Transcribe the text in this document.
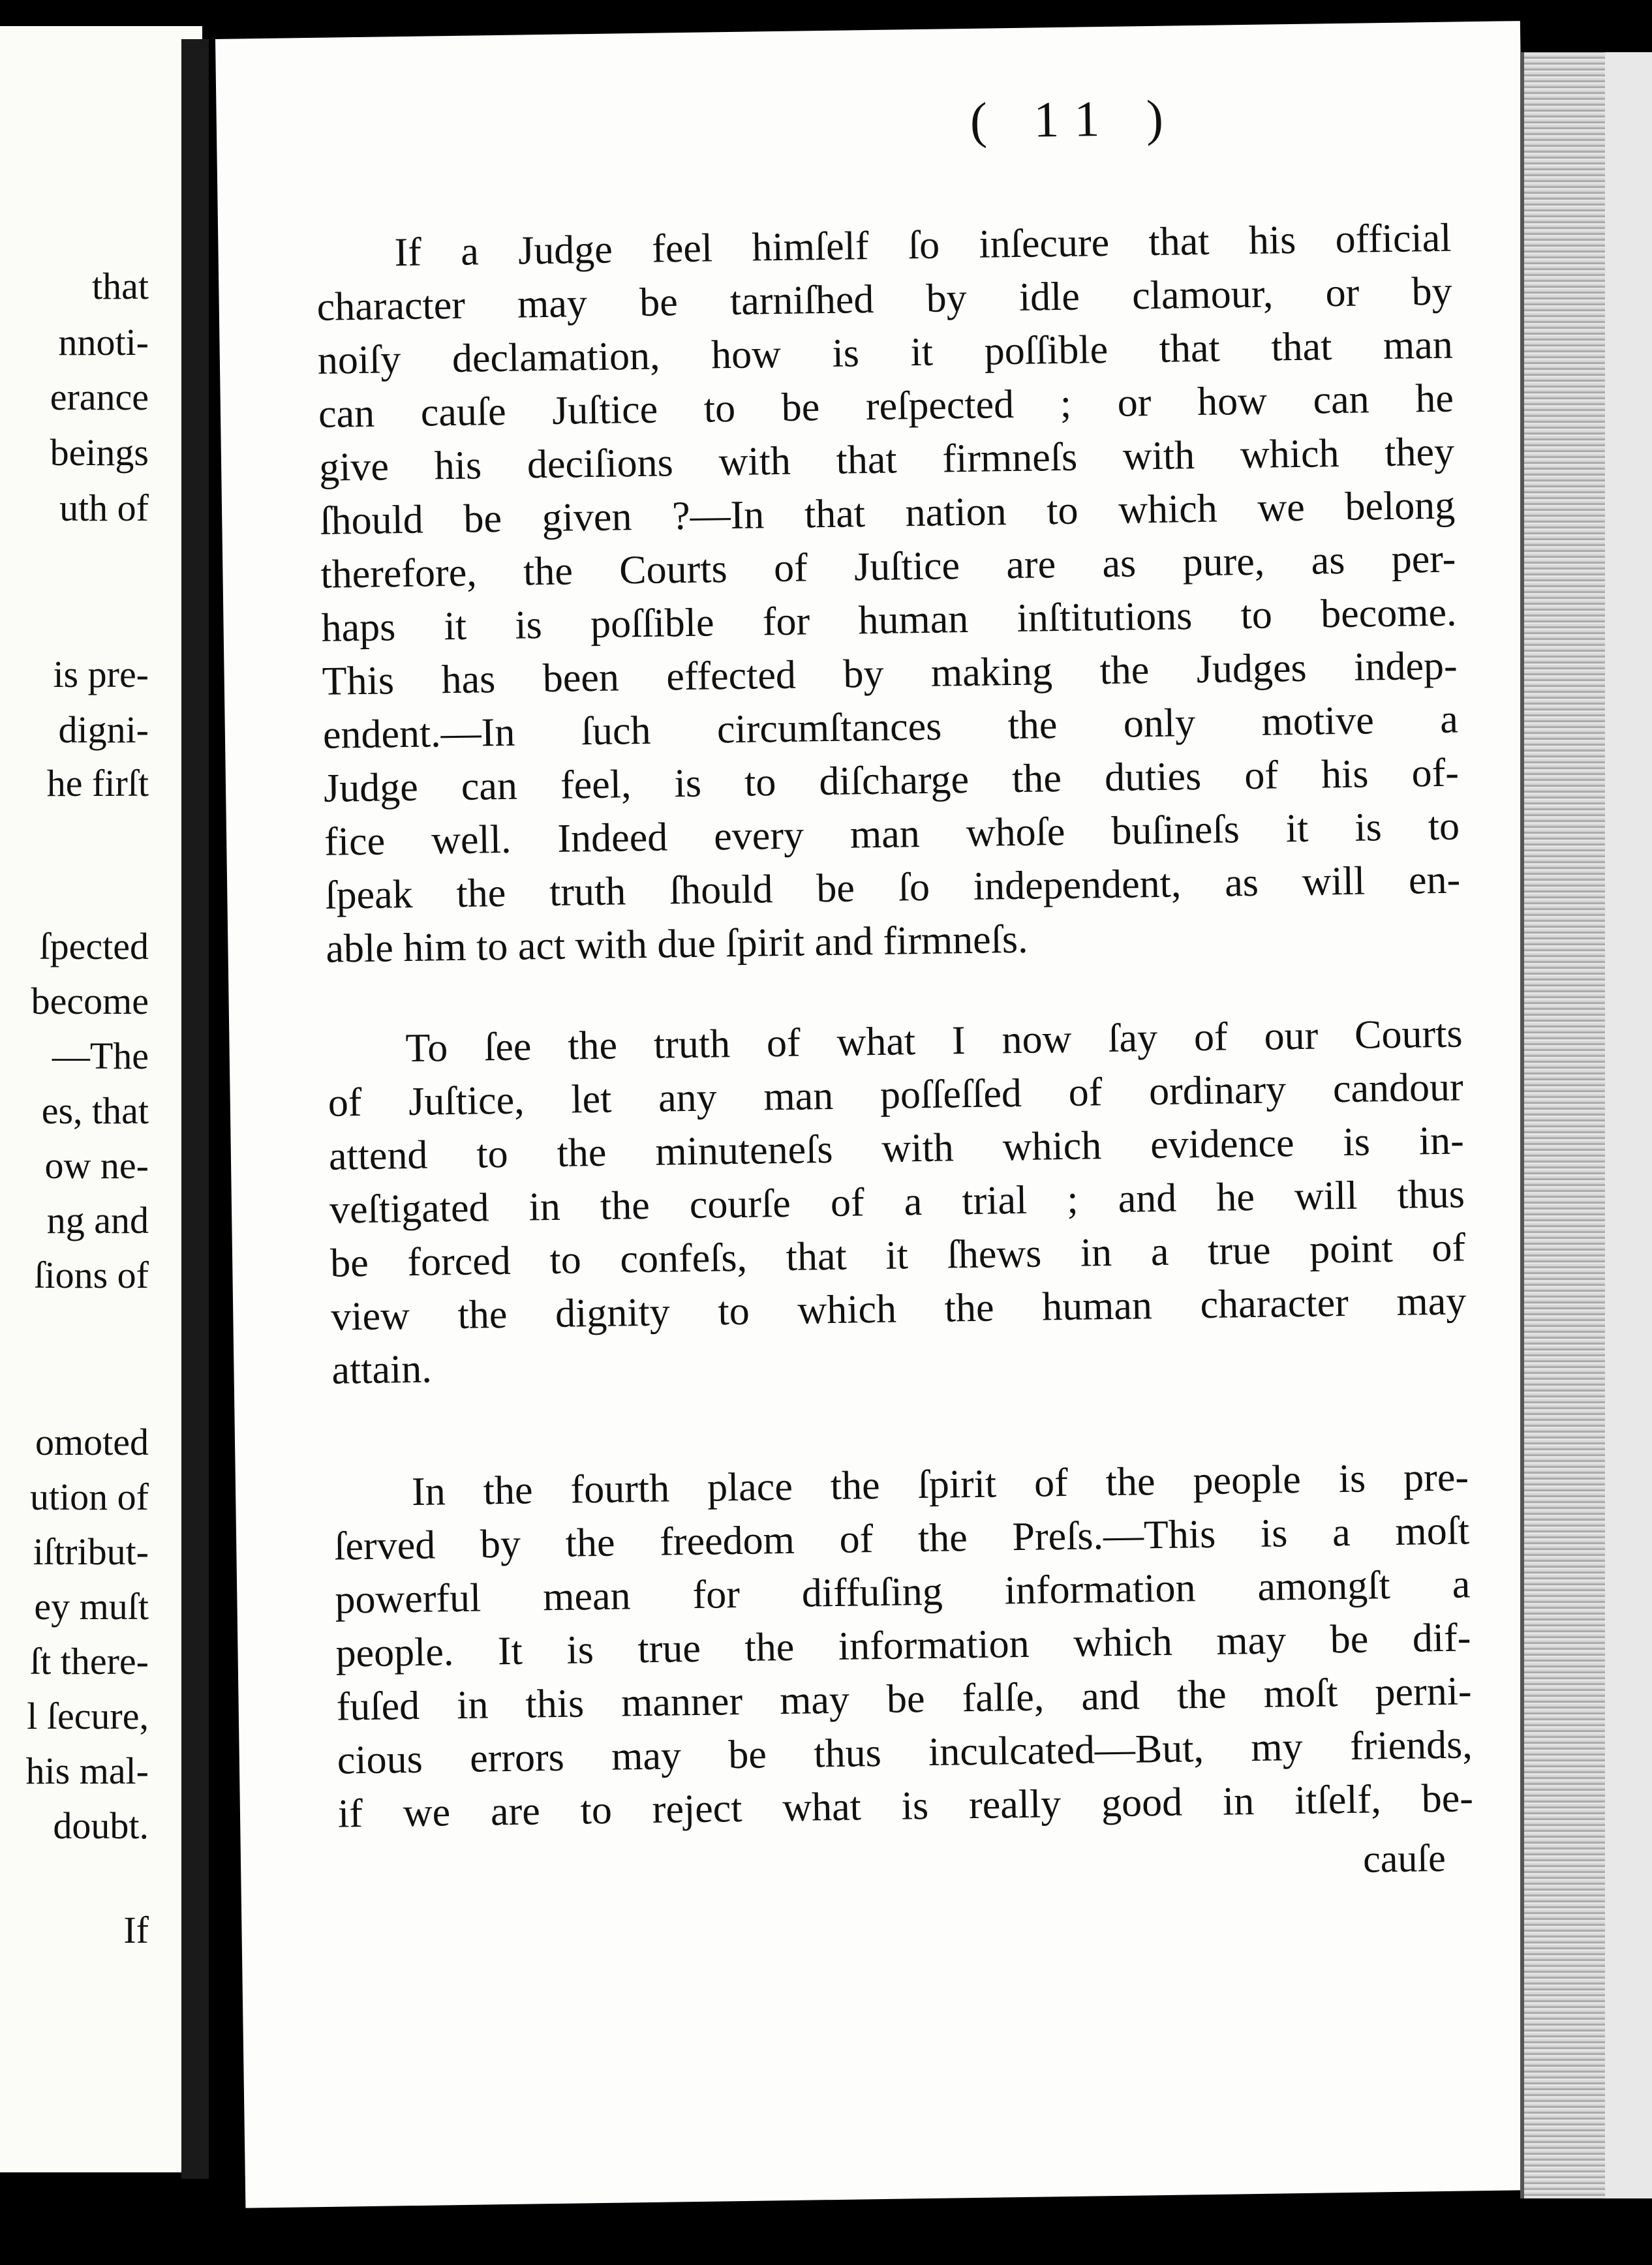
that
nnoti-
erance
beings
uth of
is pre-
digni-
he firſt
ſpected
become
—The
es, that
ow ne-
ng and
ſions of
omoted
ution of
iſtribut-
ey muſt
ſt there-
l ſecure,
his mal-
doubt.
If
( 11 )
If a Judge feel himſelf ſo inſecure that his official
character may be tarniſhed by idle clamour, or by
noiſy declamation, how is it poſſible that that man
can cauſe Juſtice to be reſpected ; or how can he
give his deciſions with that firmneſs with which they
ſhould be given ?—In that nation to which we belong
therefore, the Courts of Juſtice are as pure, as per-
haps it is poſſible for human inſtitutions to become.
This has been effected by making the Judges indep-
endent.—In ſuch circumſtances the only motive a
Judge can feel, is to diſcharge the duties of his of-
fice well. Indeed every man whoſe buſineſs it is to
ſpeak the truth ſhould be ſo independent, as will en-
able him to act with due ſpirit and firmneſs.
To ſee the truth of what I now ſay of our Courts
of Juſtice, let any man poſſeſſed of ordinary candour
attend to the minuteneſs with which evidence is in-
veſtigated in the courſe of a trial ; and he will thus
be forced to confeſs, that it ſhews in a true point of
view the dignity to which the human character may
attain.
In the fourth place the ſpirit of the people is pre-
ſerved by the freedom of the Preſs.—This is a moſt
powerful mean for diffuſing information amongſt a
people. It is true the information which may be dif-
fuſed in this manner may be falſe, and the moſt perni-
cious errors may be thus inculcated—But, my friends,
if we are to reject what is really good in itſelf, be-
cauſe
